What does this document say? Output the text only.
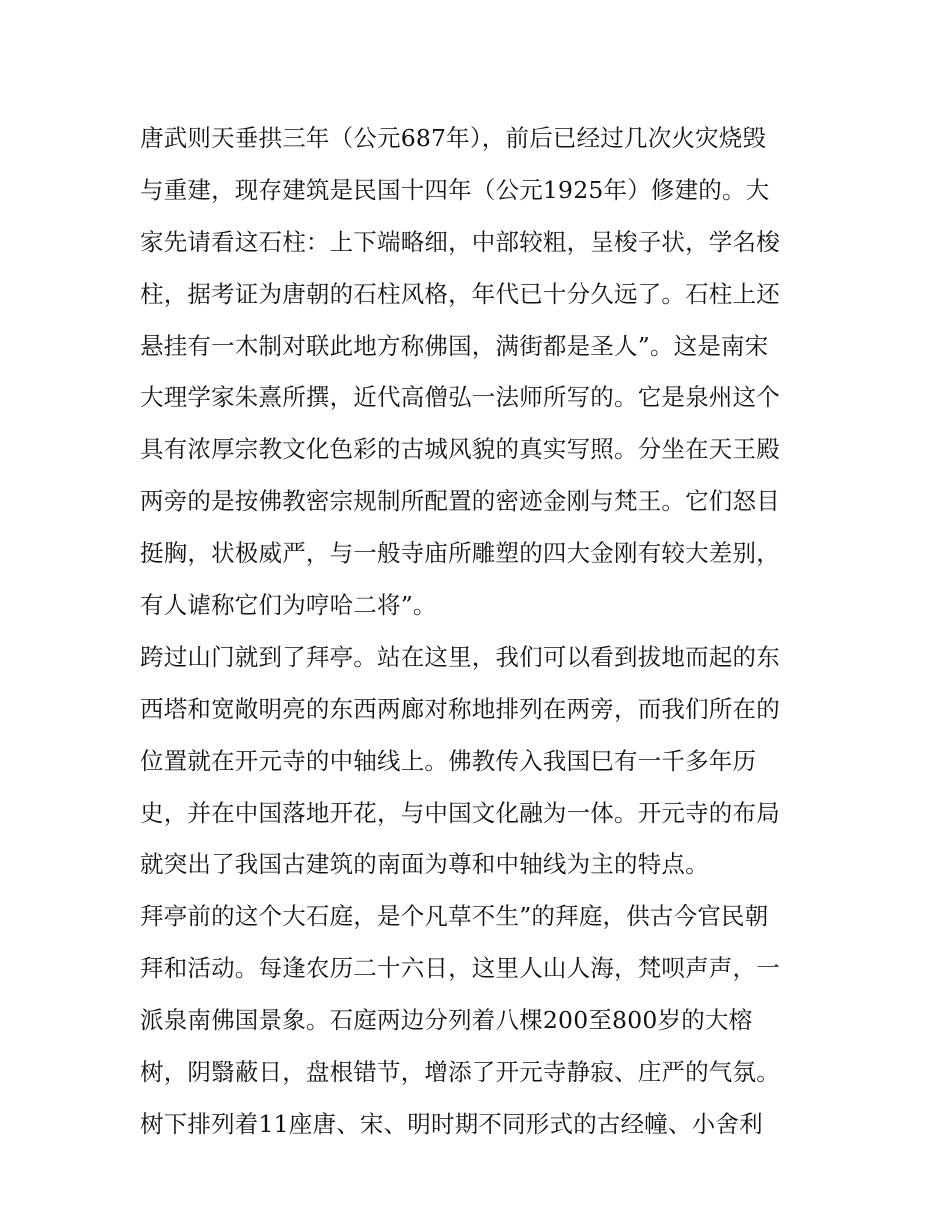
唐武则天垂拱三年（公元687年），前后已经过几次火灾烧毁
与重建，现存建筑是民国十四年（公元1925年）修建的。大
家先请看这石柱：上下端略细，中部较粗，呈梭子状，学名梭
柱，据考证为唐朝的石柱风格，年代已十分久远了。石柱上还
悬挂有一木制对联此地方称佛国，满街都是圣人”。这是南宋
大理学家朱熹所撰，近代高僧弘一法师所写的。它是泉州这个
具有浓厚宗教文化色彩的古城风貌的真实写照。分坐在天王殿
两旁的是按佛教密宗规制所配置的密迹金刚与梵王。它们怒目
挺胸，状极威严，与一般寺庙所雕塑的四大金刚有较大差别，
有人谑称它们为哼哈二将”。
跨过山门就到了拜亭。站在这里，我们可以看到拔地而起的东
西塔和宽敞明亮的东西两廊对称地排列在两旁，而我们所在的
位置就在开元寺的中轴线上。佛教传入我国巳有一千多年历
史，并在中国落地开花，与中国文化融为一体。开元寺的布局
就突出了我国古建筑的南面为尊和中轴线为主的特点。
拜亭前的这个大石庭，是个凡草不生”的拜庭，供古今官民朝
拜和活动。每逢农历二十六日，这里人山人海，梵呗声声，一
派泉南佛国景象。石庭两边分列着八棵200至800岁的大榕
树，阴翳蔽日，盘根错节，增添了开元寺静寂、庄严的气氛。
树下排列着11座唐、宋、明时期不同形式的古经幢、小舍利
